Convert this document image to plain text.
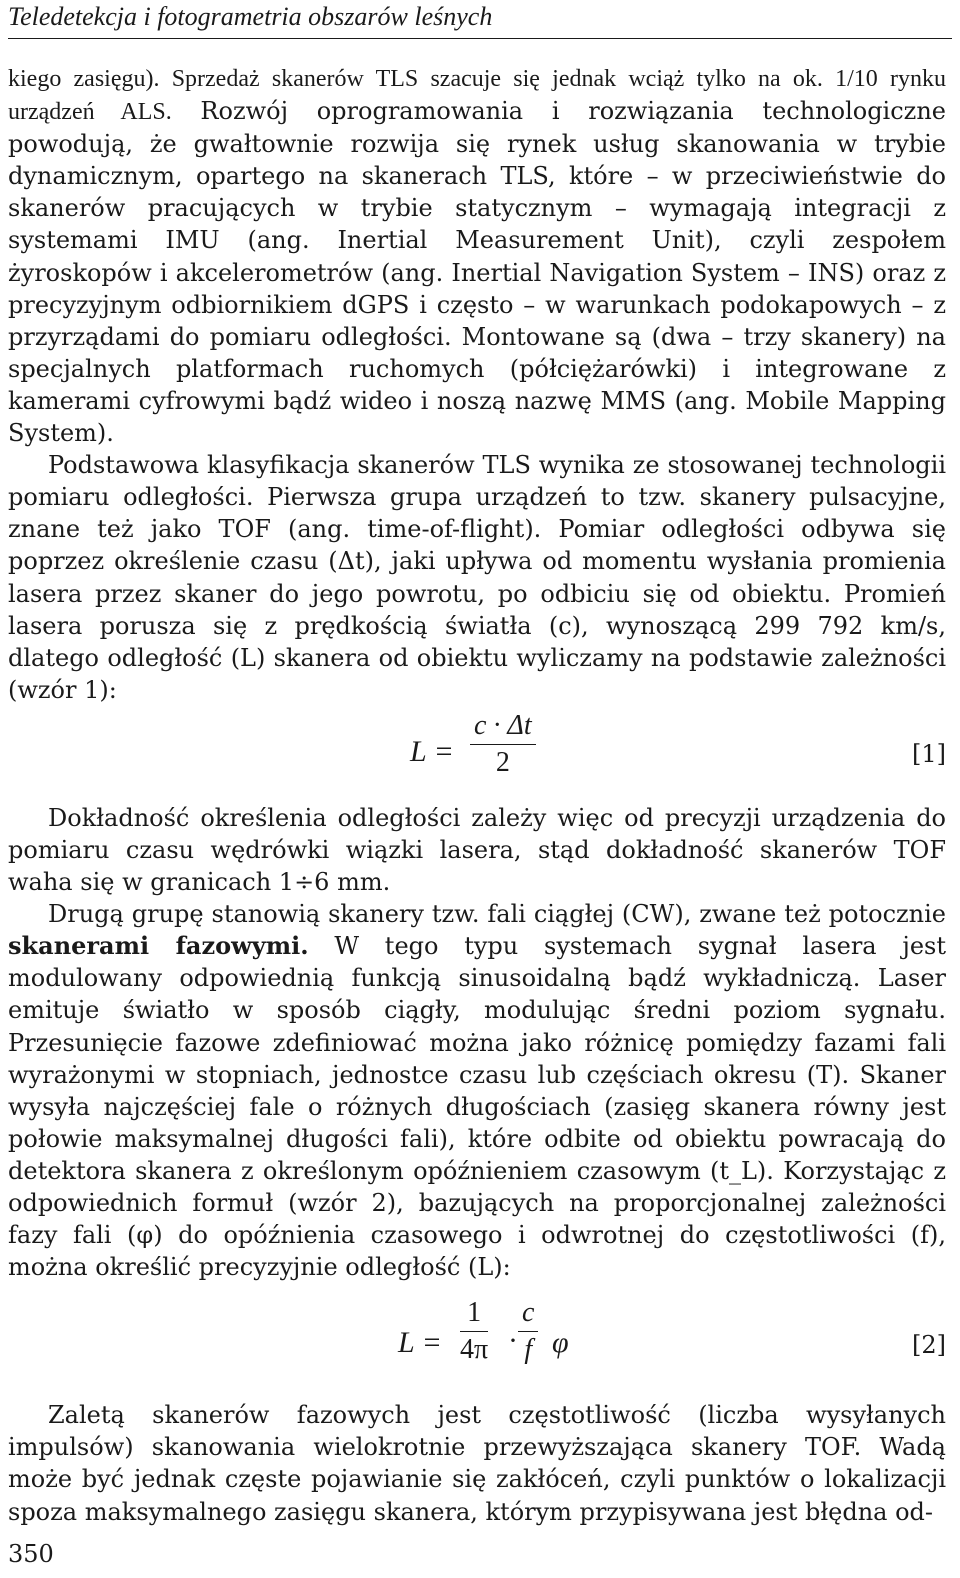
Teledetekcja i fotogrametria obszarów leśnych

kiego zasięgu). Sprzedaż skanerów TLS szacuje się jednak wciąż tylko na ok. 1/10 rynku urządzeń ALS. Rozwój oprogramowania i rozwiązania technologiczne powodują, że gwałtownie rozwija się rynek usług skanowania w trybie dynamicznym, opartego na skanerach TLS, które – w przeciwieństwie do skanerów pracujących w trybie statycznym – wymagają integracji z systemami IMU (ang. Inertial Measurement Unit), czyli zespołem żyroskopów i akcelerometrów (ang. Inertial Navigation System – INS) oraz z precyzyjnym odbiornikiem dGPS i często – w warunkach podokapowych – z przyrządami do pomiaru odległości. Montowane są (dwa – trzy skanery) na specjalnych platformach ruchomych (półciężarówki) i integrowane z kamerami cyfrowymi bądź wideo i noszą nazwę MMS (ang. Mobile Mapping System).

Podstawowa klasyfikacja skanerów TLS wynika ze stosowanej technologii pomiaru odległości. Pierwsza grupa urządzeń to tzw. skanery pulsacyjne, znane też jako TOF (ang. time-of-flight). Pomiar odległości odbywa się poprzez określenie czasu (Δt), jaki upływa od momentu wysłania promienia lasera przez skaner do jego powrotu, po odbiciu się od obiektu. Promień lasera porusza się z prędkością światła (c), wynoszącą 299 792 km/s, dlatego odległość (L) skanera od obiektu wyliczamy na podstawie zależności (wzór 1):

$L = \frac{c \cdot \Delta t}{2}$	[1]

Dokładność określenia odległości zależy więc od precyzji urządzenia do pomiaru czasu wędrówki wiązki lasera, stąd dokładność skanerów TOF waha się w granicach 1÷6 mm.

Drugą grupę stanowią skanery tzw. fali ciągłej (CW), zwane też potocznie skanerami fazowymi. W tego typu systemach sygnał lasera jest modulowany odpowiednią funkcją sinusoidalną bądź wykładniczą. Laser emituje światło w sposób ciągły, modulując średni poziom sygnału. Przesunięcie fazowe zdefiniować można jako różnicę pomiędzy fazami fali wyrażonymi w stopniach, jednostce czasu lub częściach okresu (T). Skaner wysyła najczęściej fale o różnych długościach (zasięg skanera równy jest połowie maksymalnej długości fali), które odbite od obiektu powracają do detektora skanera z określonym opóźnieniem czasowym (t_L). Korzystając z odpowiednich formuł (wzór 2), bazujących na proporcjonalnej zależności fazy fali (φ) do opóźnienia czasowego i odwrotnej do częstotliwości (f), można określić precyzyjnie odległość (L):

$L = \frac{1}{4\pi} \cdot \frac{c}{f}$ φ	[2]

Zaletą skanerów fazowych jest częstotliwość (liczba wysyłanych impulsów) skanowania wielokrotnie przewyższająca skanery TOF. Wadą może być jednak częste pojawianie się zakłóceń, czyli punktów o lokalizacji spoza maksymalnego zasięgu skanera, którym przypisywana jest błędna od-

350
